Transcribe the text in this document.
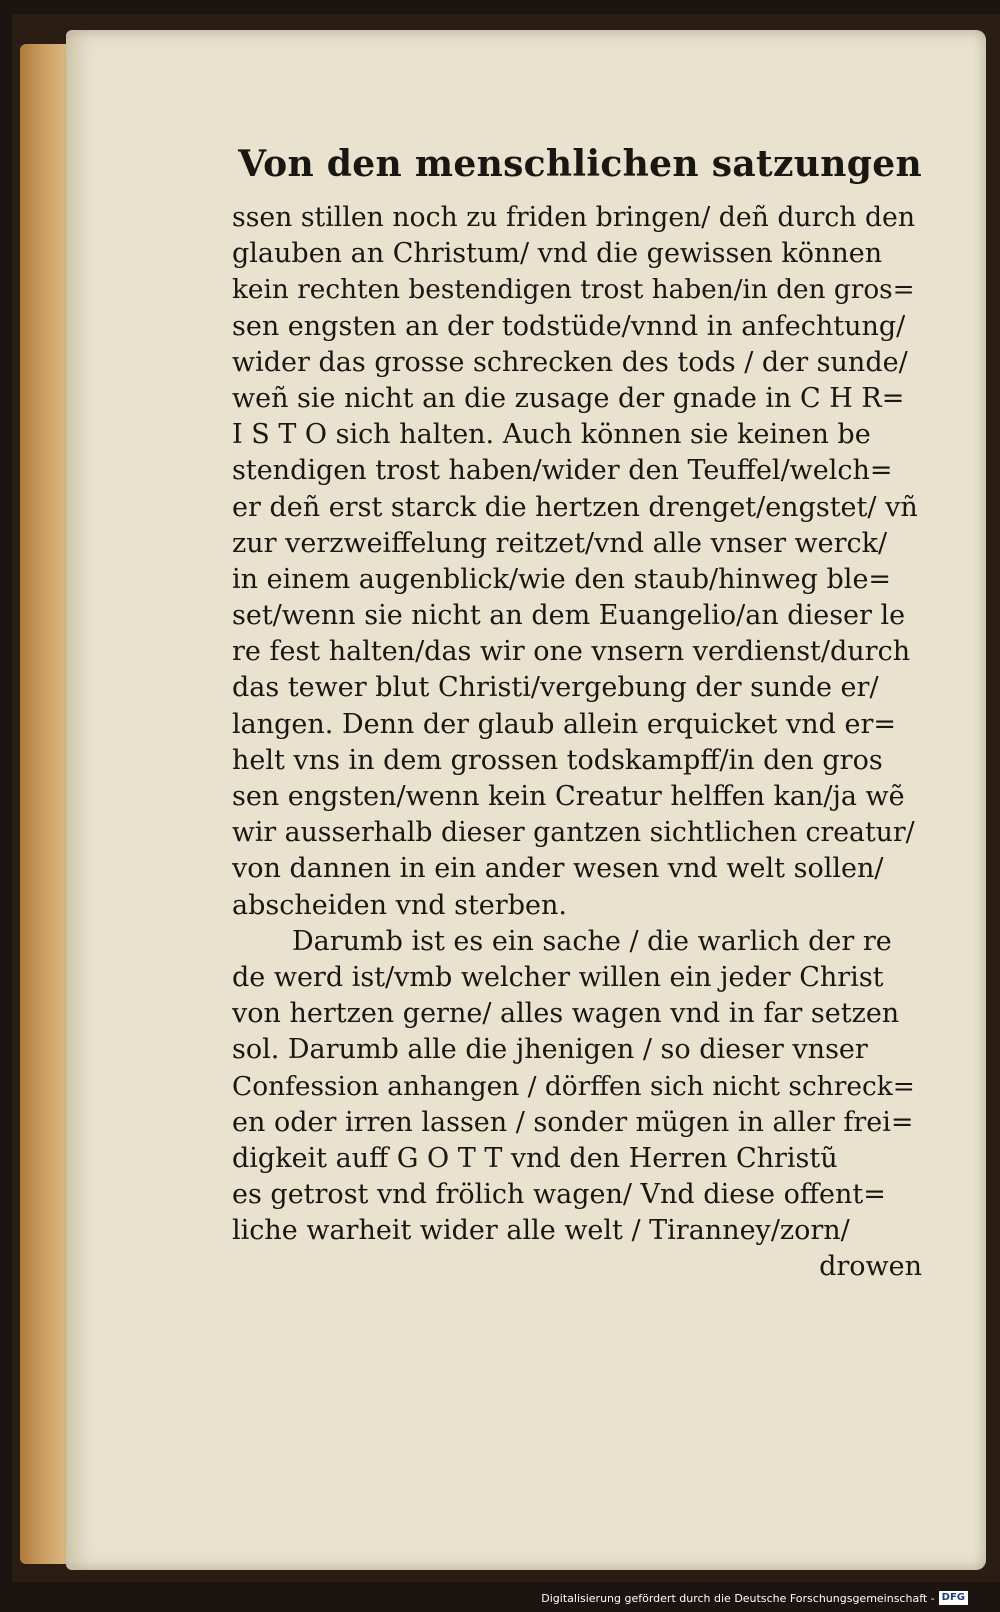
Von den menschlichen satzungen
ssen stillen noch zu friden bringen/ deñ durch den
glauben an Christum/ vnd die gewissen können
kein rechten bestendigen trost haben/in den gros=
sen engsten an der todstüde/vnnd in anfechtung/
wider das grosse schrecken des tods / der sunde/
weñ sie nicht an die zusage der gnade in C H R=
I S T O sich halten. Auch können sie keinen be
stendigen trost haben/wider den Teuffel/welch=
er deñ erst starck die hertzen drenget/engstet/ vñ
zur verzweiffelung reitzet/vnd alle vnser werck/
in einem augenblick/wie den staub/hinweg ble=
set/wenn sie nicht an dem Euangelio/an dieser le
re fest halten/das wir one vnsern verdienst/durch
das tewer blut Christi/vergebung der sunde er/
langen. Denn der glaub allein erquicket vnd er=
helt vns in dem grossen todskampff/in den gros
sen engsten/wenn kein Creatur helffen kan/ja wẽ
wir ausserhalb dieser gantzen sichtlichen creatur/
von dannen in ein ander wesen vnd welt sollen/
abscheiden vnd sterben.
Darumb ist es ein sache / die warlich der re
de werd ist/vmb welcher willen ein jeder Christ
von hertzen gerne/ alles wagen vnd in far setzen
sol. Darumb alle die jhenigen / so dieser vnser
Confession anhangen / dörffen sich nicht schreck=
en oder irren lassen / sonder mügen in aller frei=
digkeit auff G O T T vnd den Herren Christũ
es getrost vnd frölich wagen/ Vnd diese offent=
liche warheit wider alle welt / Tiranney/zorn/
drowen
Digitalisierung gefördert durch die Deutsche Forschungsgemeinschaft - DFG
